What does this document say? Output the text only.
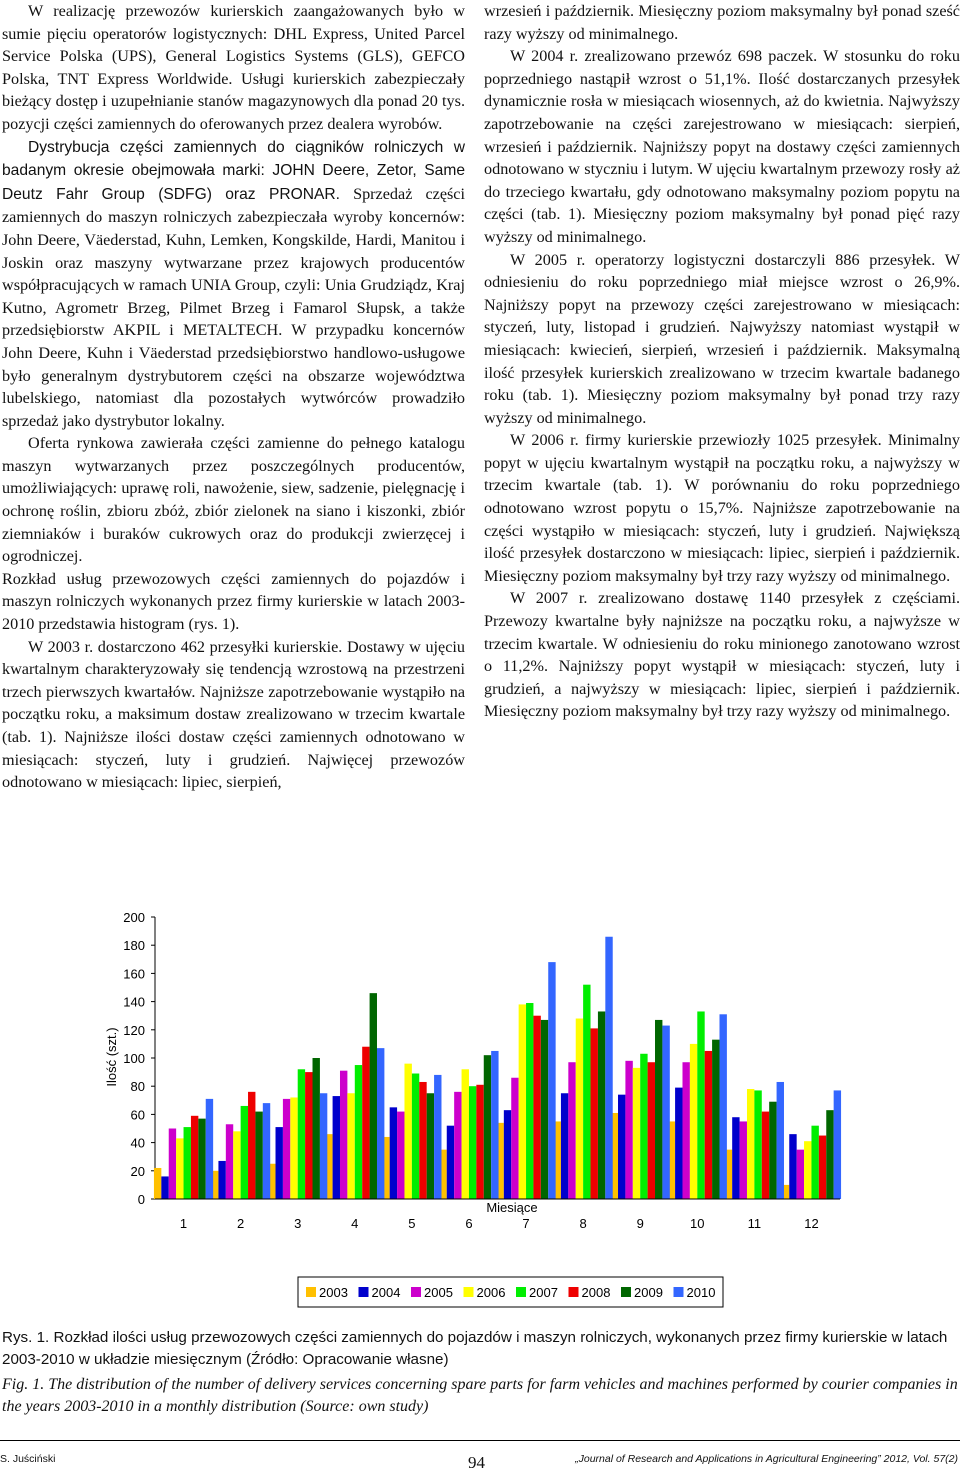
W realizację przewozów kurierskich zaangażowanych było w sumie pięciu operatorów logistycznych: DHL Express, United Parcel Service Polska (UPS), General Logistics Systems (GLS), GEFCO Polska, TNT Express Worldwide. Usługi kurierskich zabezpieczały bieżący dostęp i uzupełnianie stanów magazynowych dla ponad 20 tys. pozycji części zamiennych do oferowanych przez dealera wyrobów.

Dystrybucja części zamiennych do ciągników rolniczych w badanym okresie obejmowała marki: JOHN Deere, Zetor, Same Deutz Fahr Group (SDFG) oraz PRONAR. Sprzedaż części zamiennych do maszyn rolniczych zabezpieczała wyroby koncernów: John Deere, Väederstad, Kuhn, Lemken, Kongskilde, Hardi, Manitou i Joskin oraz maszyny wytwarzane przez krajowych producentów współpracujących w ramach UNIA Group, czyli: Unia Grudziądz, Kraj Kutno, Agrometr Brzeg, Pilmet Brzeg i Famarol Słupsk, a także przedsiębiorstw AKPIL i METALTECH. W przypadku koncernów John Deere, Kuhn i Väederstad przedsiębiorstwo handlowo-usługowe było generalnym dystrybutorem części na obszarze województwa lubelskiego, natomiast dla pozostałych wytwórców prowadziło sprzedaż jako dystrybutor lokalny.

Oferta rynkowa zawierała części zamienne do pełnego katalogu maszyn wytwarzanych przez poszczególnych producentów, umożliwiających: uprawę roli, nawożenie, siew, sadzenie, pielęgnację i ochronę roślin, zbioru zbóż, zbiór zielonek na siano i kiszonki, zbiór ziemniaków i buraków cukrowych oraz do produkcji zwierzęcej i ogrodniczej.

Rozkład usług przewozowych części zamiennych do pojazdów i maszyn rolniczych wykonanych przez firmy kurierskie w latach 2003-2010 przedstawia histogram (rys. 1).

W 2003 r. dostarczono 462 przesyłki kurierskie. Dostawy w ujęciu kwartalnym charakteryzowały się tendencją wzrostową na przestrzeni trzech pierwszych kwartałów. Najniższe zapotrzebowanie wystąpiło na początku roku, a maksimum dostaw zrealizowano w trzecim kwartale (tab. 1). Najniższe ilości dostaw części zamiennych odnotowano w miesiącach: styczeń, luty i grudzień. Najwięcej przewozów odnotowano w miesiącach: lipiec, sierpień,

wrzesień i październik. Miesięczny poziom maksymalny był ponad sześć razy wyższy od minimalnego.

W 2004 r. zrealizowano przewóz 698 paczek. W stosunku do roku poprzedniego nastąpił wzrost o 51,1%. Ilość dostarczanych przesyłek dynamicznie rosła w miesiącach wiosennych, aż do kwietnia. Najwyższy zapotrzebowanie na części zarejestrowano w miesiącach: sierpień, wrzesień i październik. Najniższy popyt na dostawy części zamiennych odnotowano w styczniu i lutym. W ujęciu kwartalnym przewozy rosły aż do trzeciego kwartału, gdy odnotowano maksymalny poziom popytu na części (tab. 1). Miesięczny poziom maksymalny był ponad pięć razy wyższy od minimalnego.

W 2005 r. operatorzy logistyczni dostarczyli 886 przesyłek. W odniesieniu do roku poprzedniego miał miejsce wzrost o 26,9%. Najniższy popyt na przewozy części zarejestrowano w miesiącach: styczeń, luty, listopad i grudzień. Najwyższy natomiast wystąpił w miesiącach: kwiecień, sierpień, wrzesień i październik. Maksymalną ilość przesyłek kurierskich zrealizowano w trzecim kwartale badanego roku (tab. 1). Miesięczny poziom maksymalny był ponad trzy razy wyższy od minimalnego.

W 2006 r. firmy kurierskie przewiozły 1025 przesyłek. Minimalny popyt w ujęciu kwartalnym wystąpił na początku roku, a najwyższy w trzecim kwartale (tab. 1). W porównaniu do roku poprzedniego odnotowano wzrost popytu o 15,7%. Najniższe zapotrzebowanie na części wystąpiło w miesiącach: styczeń, luty i grudzień. Największą ilość przesyłek dostarczono w miesiącach: lipiec, sierpień i październik. Miesięczny poziom maksymalny był trzy razy wyższy od minimalnego.

W 2007 r. zrealizowano dostawę 1140 przesyłek z częściami. Przewozy kwartalne były najniższe na początku roku, a najwyższe w trzecim kwartale. W odniesieniu do roku minionego zanotowano wzrost o 11,2%. Najniższy popyt wystąpił w miesiącach: styczeń, luty i grudzień, a najwyższy w miesiącach: lipiec, sierpień i październik. Miesięczny poziom maksymalny był trzy razy wyższy od minimalnego.

0
20
40
60
80
100
120
140
160
180
200
1	2	3	4	5	6	7	8	9	10	11	12
Miesiące
Ilość (szt.)
2003 2004 2005 2006 2007 2008 2009 2010
Rys. 1. Rozkład ilości usług przewozowych części zamiennych do pojazdów i maszyn rolniczych, wykonanych przez firmy kurierskie w latach 2003-2010 w układzie miesięcznym (Źródło: Opracowanie własne)
Fig. 1. The distribution of the number of delivery services concerning spare parts for farm vehicles and machines performed by courier companies in the years 2003-2010 in a monthly distribution (Source: own study)
S. Juściński	94	„Journal of Research and Applications in Agricultural Engineering” 2012, Vol. 57(2)
